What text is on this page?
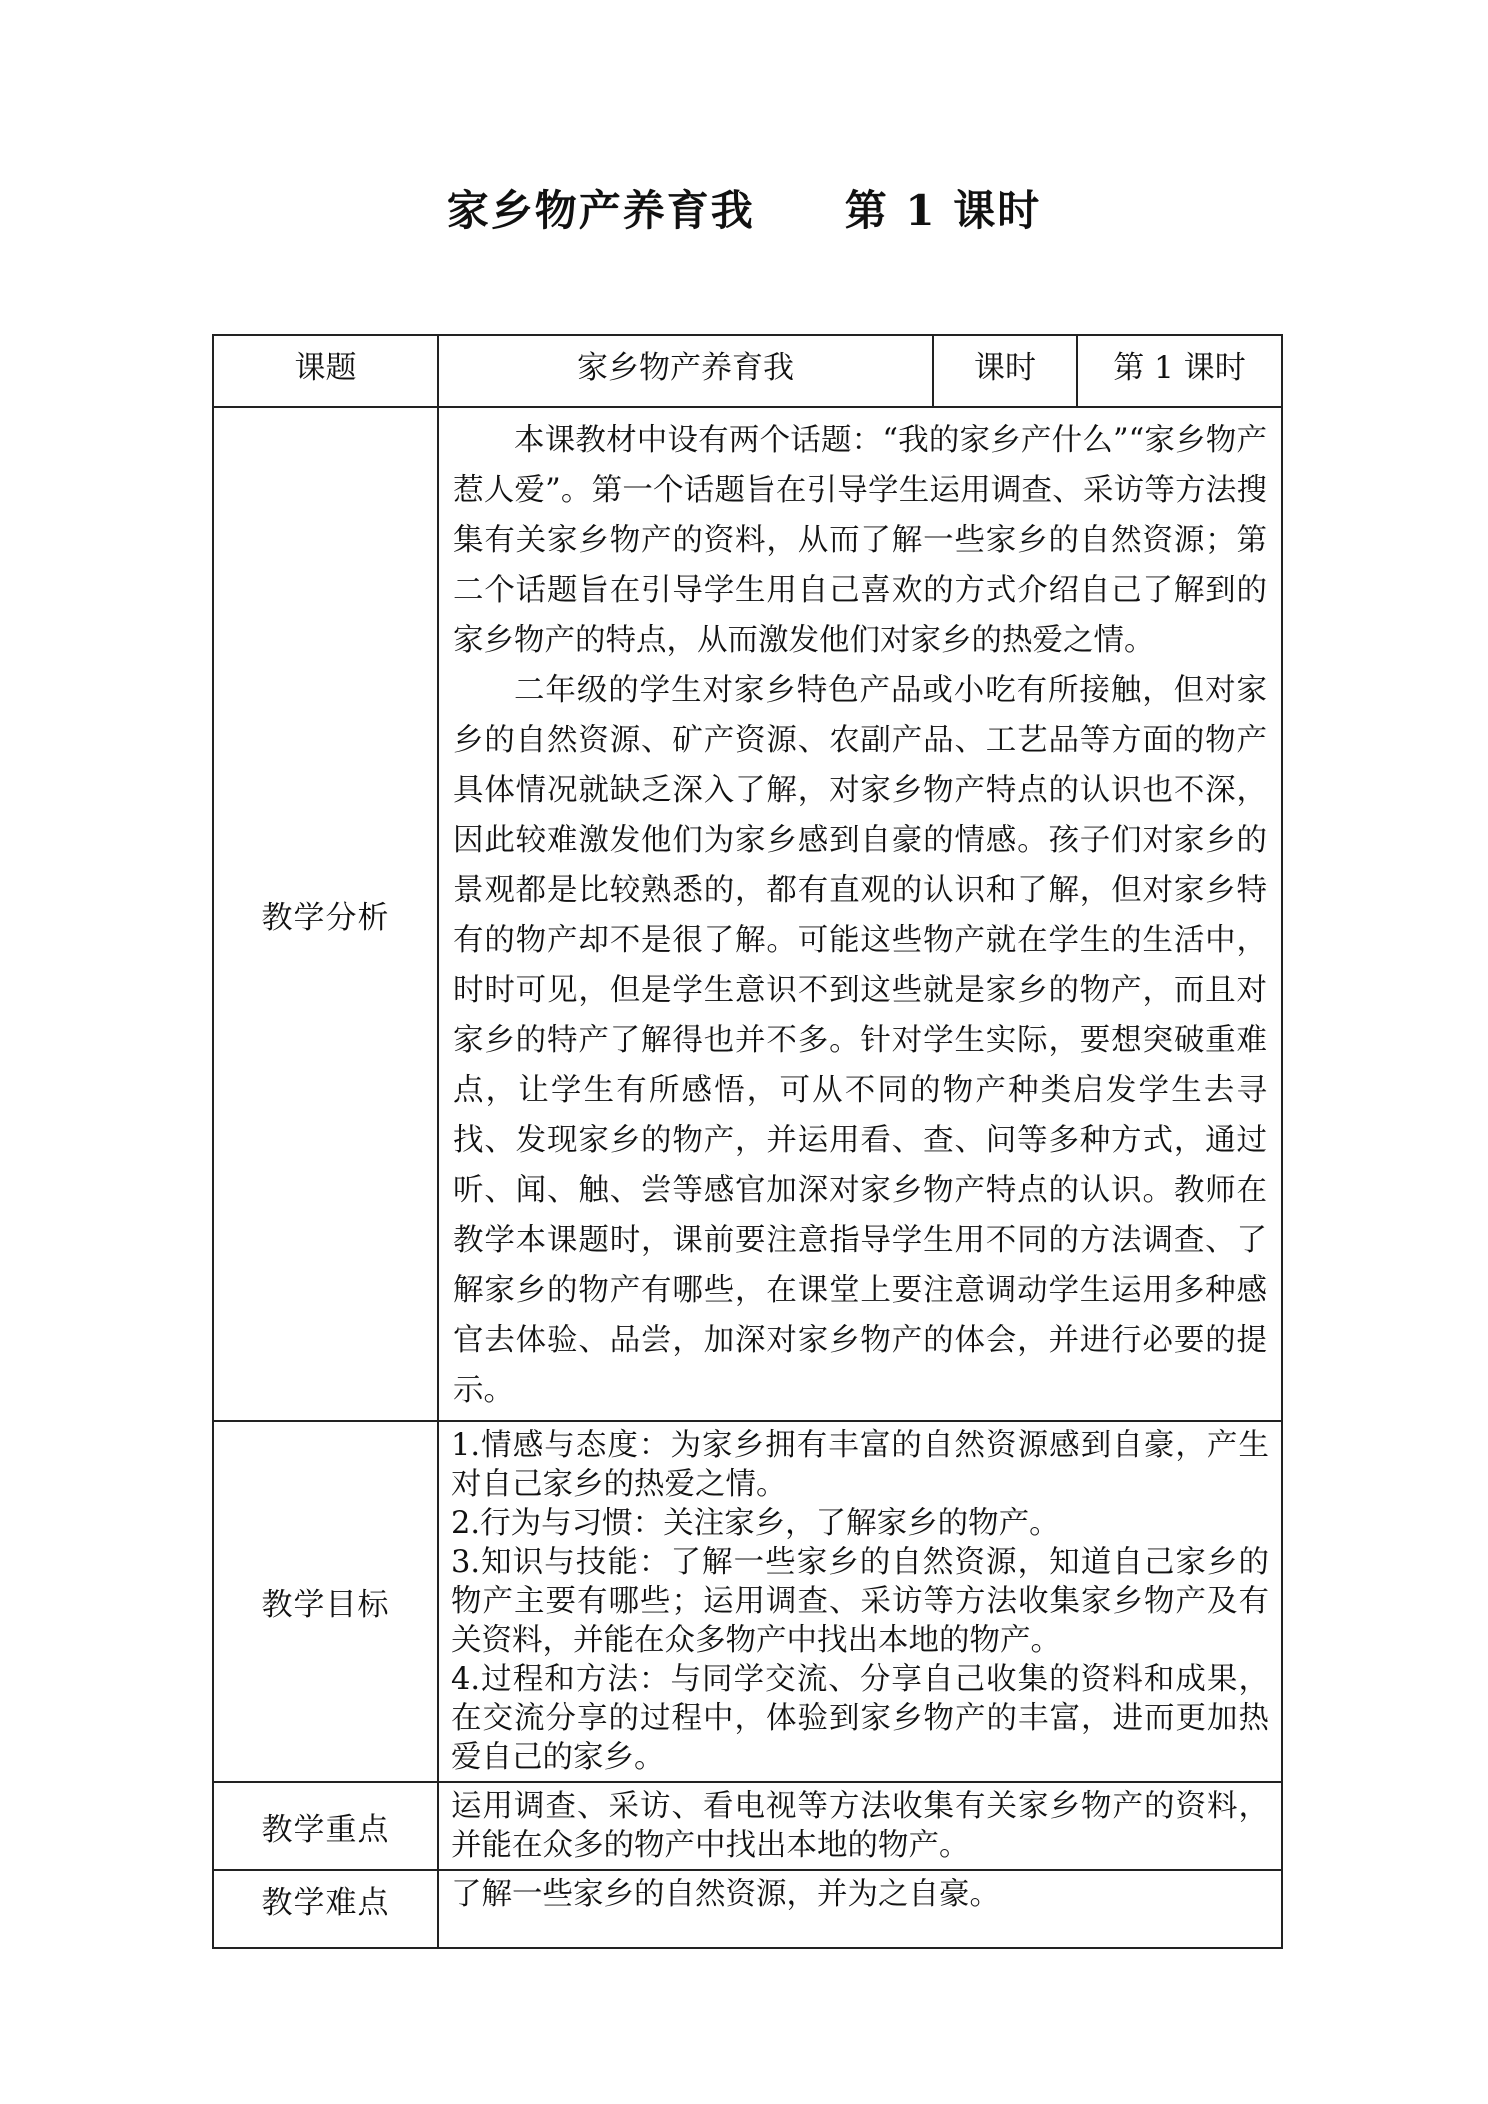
家乡物产养育我 第 1 课时
课题	家乡物产养育我	课时	第 1 课时

教学分析	本课教材中设有两个话题：“我的家乡产什么”“家乡物产惹人爱”。第一个话题旨在引导学生运用调查、采访等方法搜集有关家乡物产的资料，从而了解一些家乡的自然资源；第二个话题旨在引导学生用自己喜欢的方式介绍自己了解到的家乡物产的特点，从而激发他们对家乡的热爱之情。

二年级的学生对家乡特色产品或小吃有所接触，但对家乡的自然资源、矿产资源、农副产品、工艺品等方面的物产具体情况就缺乏深入了解，对家乡物产特点的认识也不深，因此较难激发他们为家乡感到自豪的情感。孩子们对家乡的景观都是比较熟悉的，都有直观的认识和了解，但对家乡特有的物产却不是很了解。可能这些物产就在学生的生活中，时时可见，但是学生意识不到这些就是家乡的物产，而且对家乡的特产了解得也并不多。针对学生实际，要想突破重难点，让学生有所感悟，可从不同的物产种类启发学生去寻找、发现家乡的物产，并运用看、查、问等多种方式，通过听、闻、触、尝等感官加深对家乡物产特点的认识。教师在教学本课题时，课前要注意指导学生用不同的方法调查、了解家乡的物产有哪些，在课堂上要注意调动学生运用多种感官去体验、品尝，加深对家乡物产的体会，并进行必要的提示。		

教学目标	1.情感与态度：为家乡拥有丰富的自然资源感到自豪，产生对自己家乡的热爱之情。

2.行为与习惯：关注家乡，了解家乡的物产。

3.知识与技能：了解一些家乡的自然资源，知道自己家乡的物产主要有哪些；运用调查、采访等方法收集家乡物产及有关资料，并能在众多物产中找出本地的物产。

4.过程和方法：与同学交流、分享自己收集的资料和成果，在交流分享的过程中，体验到家乡物产的丰富，进而更加热爱自己的家乡。		

教学重点	运用调查、采访、看电视等方法收集有关家乡物产的资料，并能在众多的物产中找出本地的物产。		

教学难点	了解一些家乡的自然资源，并为之自豪。		
